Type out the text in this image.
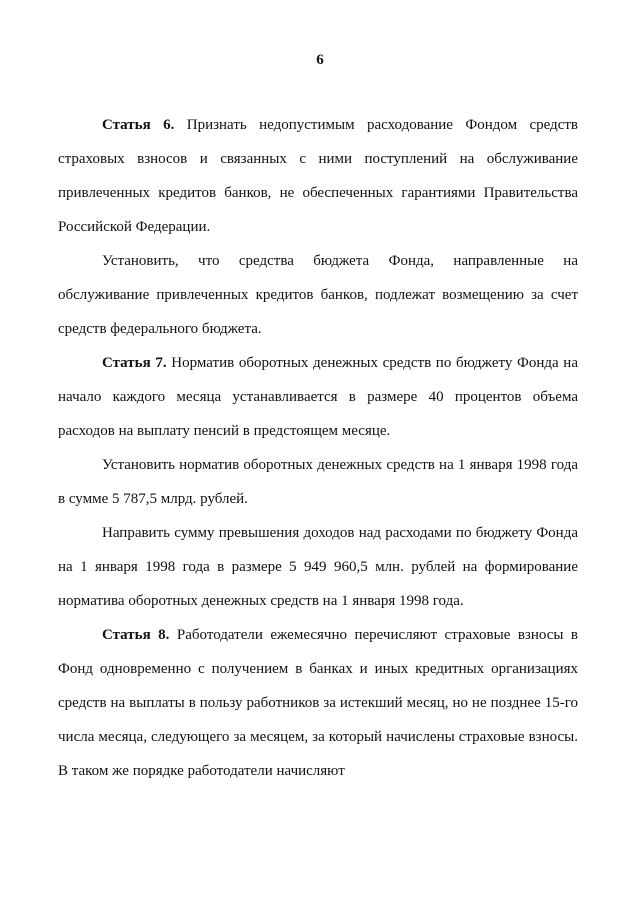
6

Статья 6. Признать недопустимым расходование Фондом средств страховых взносов и связанных с ними поступлений на обслуживание привлеченных кредитов банков, не обеспеченных гарантиями Правительства Российской Федерации.

Установить, что средства бюджета Фонда, направленные на обслуживание привлеченных кредитов банков, подлежат возмещению за счет средств федерального бюджета.

Статья 7. Норматив оборотных денежных средств по бюджету Фонда на начало каждого месяца устанавливается в размере 40 процентов объема расходов на выплату пенсий в предстоящем месяце.

Установить норматив оборотных денежных средств на 1 января 1998 года в сумме 5 787,5 млрд. рублей.

Направить сумму превышения доходов над расходами по бюджету Фонда на 1 января 1998 года в размере 5 949 960,5 млн. рублей на формирование норматива оборотных денежных средств на 1 января 1998 года.

Статья 8. Работодатели ежемесячно перечисляют страховые взносы в Фонд одновременно с получением в банках и иных кредитных организациях средств на выплаты в пользу работников за истекший месяц, но не позднее 15-го числа месяца, следующего за месяцем, за который начислены страховые взносы. В таком же порядке работодатели начисляют
